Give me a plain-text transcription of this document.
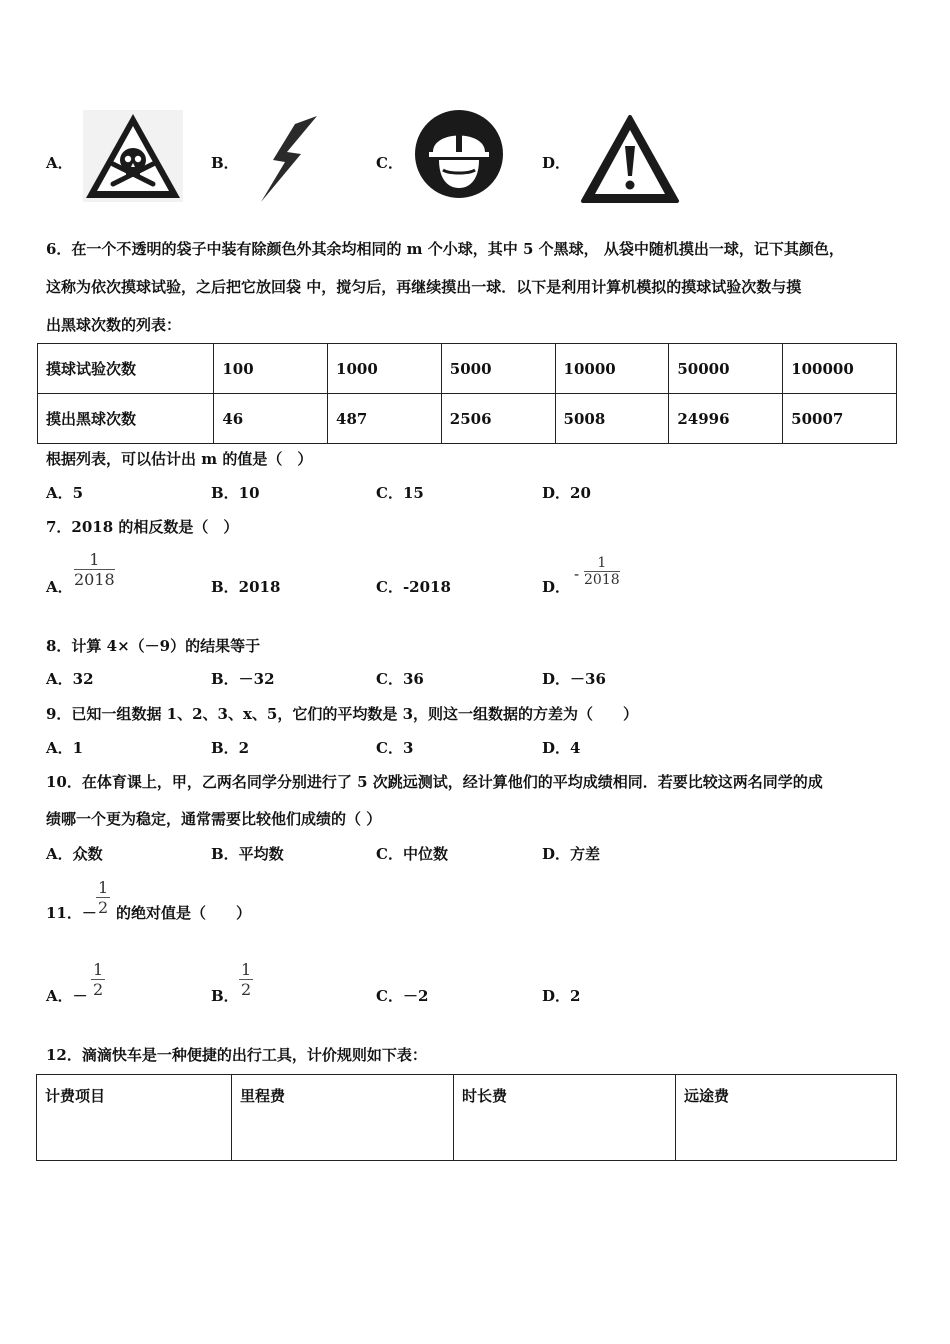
A．	B．	C．	D．
6．在一个不透明的袋子中装有除颜色外其余均相同的 m 个小球，其中 5 个黑球， 从袋中随机摸出一球，记下其颜色，
这称为依次摸球试验，之后把它放回袋 中，搅匀后，再继续摸出一球．以下是利用计算机模拟的摸球试验次数与摸
出黑球次数的列表：
摸球试验次数	100	1000	5000	10000	50000	100000
摸出黑球次数	46	487	2506	5008	24996	50007
根据列表，可以估计出 m 的值是（　）
A．5	B．10	C．15	D．20
7．2018 的相反数是（　）
A． $\frac{1}{2018}$	B．2018	C．-2018	D．
- $\frac{1}{2018}$
8．计算 4×（－9）的结果等于
A．32	B．－32	C．36	D．－36
9．已知一组数据 1、2、3、x、5，它们的平均数是 3，则这一组数据的方差为（　　）
A．1	B．2	C．3	D．4
10．在体育课上，甲，乙两名同学分别进行了 5 次跳远测试，经计算他们的平均成绩相同．若要比较这两名同学的成
绩哪一个更为稳定，通常需要比较他们成绩的（ ）
A．众数	B．平均数	C．中位数	D．方差
11．－ $\frac{1}{2}$ 的绝对值是（　　）
A．－ $\frac{1}{2}$	B． $\frac{1}{2}$	C．－2	D．2
12．滴滴快车是一种便捷的出行工具，计价规则如下表：
计费项目	里程费	时长费	远途费
